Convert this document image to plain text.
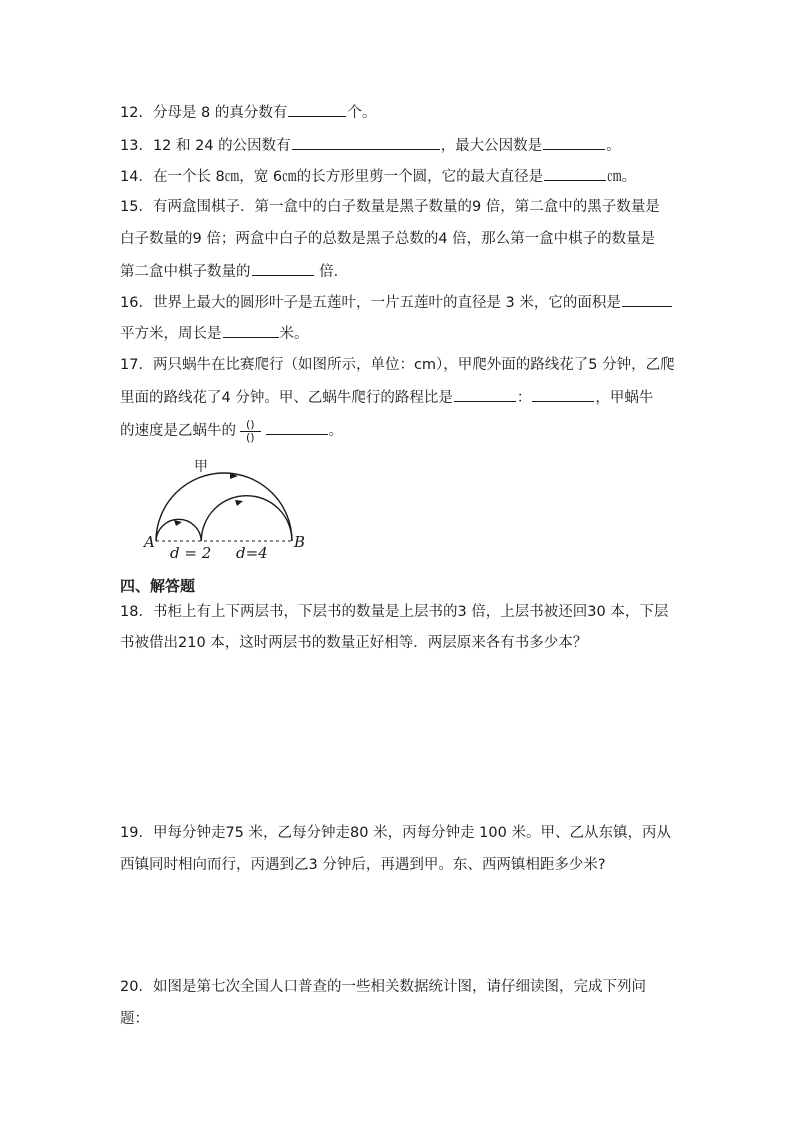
12．分母是 8 的真分数有	个。
13．12 和 24 的公因数有	，最大公因数是	。
14．在一个长 8㎝，宽 6㎝的长方形里剪一个圆，它的最大直径是	㎝。
15．有两盒围棋子．第一盒中的白子数量是黑子数量的9 倍，第二盒中的黑子数量是
白子数量的9 倍；两盒中白子的总数是黑子总数的4 倍，那么第一盒中棋子的数量是
第二盒中棋子数量的	倍．
16．世界上最大的圆形叶子是五莲叶，一片五莲叶的直径是 3 米，它的面积是
平方米，周长是	米。
17．两只蜗牛在比赛爬行（如图所示，单位：cm），甲爬外面的路线花了5 分钟，乙爬
里面的路线花了4 分钟。甲、乙蜗牛爬行的路程比是	：	，甲蜗牛
的速度是乙蜗牛的 $\frac{()}{()}$	。
甲
A	B
d = 2 d=4
四、解答题
18．书柜上有上下两层书，下层书的数量是上层书的3 倍，上层书被还回30 本，下层
书被借出210 本，这时两层书的数量正好相等．两层原来各有书多少本？
19．甲每分钟走75 米，乙每分钟走80 米，丙每分钟走 100 米。甲、乙从东镇，丙从
西镇同时相向而行，丙遇到乙3 分钟后，再遇到甲。东、西两镇相距多少米?
20．如图是第七次全国人口普查的一些相关数据统计图，请仔细读图，完成下列问
题：
